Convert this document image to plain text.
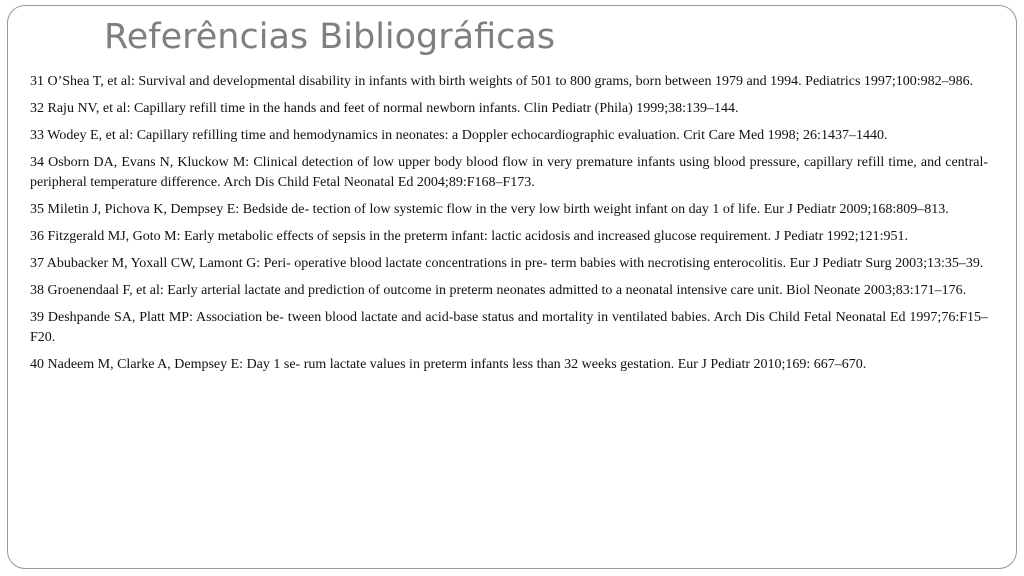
Referências Bibliográficas
31 O’Shea T, et al: Survival and developmental disability in infants with birth weights of 501 to 800 grams, born between 1979 and 1994. Pediatrics 1997;100:982–986.
32 Raju NV, et al: Capillary refill time in the hands and feet of normal newborn infants. Clin Pediatr (Phila) 1999;38:139–144.
33 Wodey E, et al: Capillary refilling time and hemodynamics in neonates: a Doppler echocardiographic evaluation. Crit Care Med 1998; 26:1437–1440.
34 Osborn DA, Evans N, Kluckow M: Clinical detection of low upper body blood flow in very premature infants using blood pressure, capillary refill time, and central-peripheral temperature difference. Arch Dis Child Fetal Neonatal Ed 2004;89:F168–F173.
35 Miletin J, Pichova K, Dempsey E: Bedside de- tection of low systemic flow in the very low birth weight infant on day 1 of life. Eur J Pediatr 2009;168:809–813.
36 Fitzgerald MJ, Goto M: Early metabolic effects of sepsis in the preterm infant: lactic acidosis and increased glucose requirement. J Pediatr 1992;121:951.
37 Abubacker M, Yoxall CW, Lamont G: Peri- operative blood lactate concentrations in pre- term babies with necrotising enterocolitis. Eur J Pediatr Surg 2003;13:35–39.
38 Groenendaal F, et al: Early arterial lactate and prediction of outcome in preterm neonates admitted to a neonatal intensive care unit. Biol Neonate 2003;83:171–176.
39 Deshpande SA, Platt MP: Association be- tween blood lactate and acid-base status and mortality in ventilated babies. Arch Dis Child Fetal Neonatal Ed 1997;76:F15–F20.
40 Nadeem M, Clarke A, Dempsey E: Day 1 se- rum lactate values in preterm infants less than 32 weeks gestation. Eur J Pediatr 2010;169: 667–670.
